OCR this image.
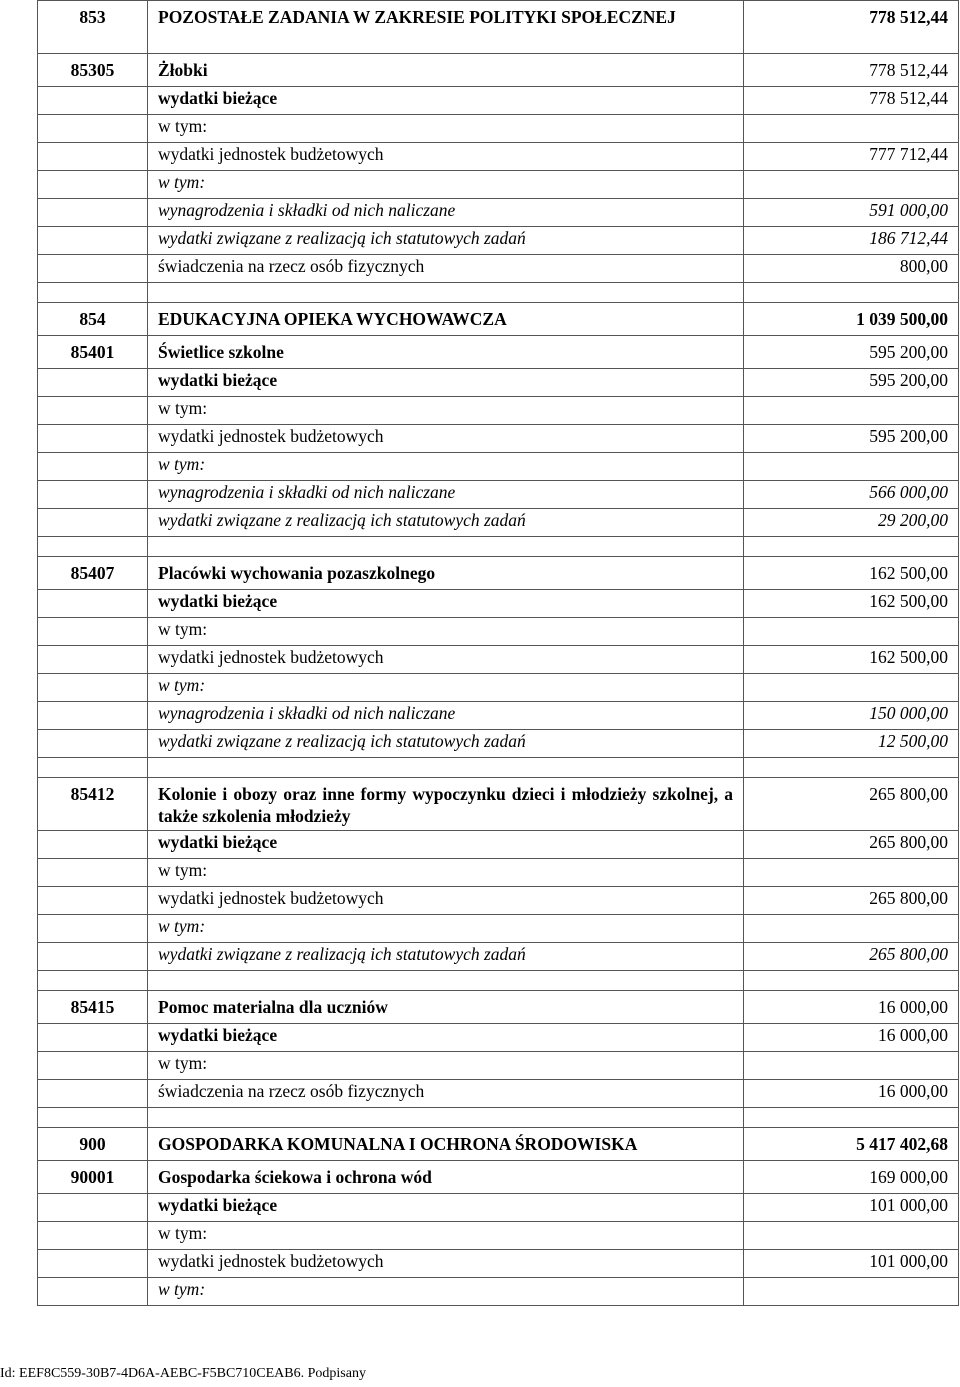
853	POZOSTAŁE ZADANIA W ZAKRESIE POLITYKI SPOŁECZNEJ	778 512,44
85305	Żłobki	778 512,44
	wydatki bieżące	778 512,44
	w tym:	
	wydatki jednostek budżetowych	777 712,44
	w tym:	
	wynagrodzenia i składki od nich naliczane	591 000,00
	wydatki związane z realizacją ich statutowych zadań	186 712,44
	świadczenia na rzecz osób fizycznych	800,00

854	EDUKACYJNA OPIEKA WYCHOWAWCZA	1 039 500,00
85401	Świetlice szkolne	595 200,00
	wydatki bieżące	595 200,00
	w tym:	
	wydatki jednostek budżetowych	595 200,00
	w tym:	
	wynagrodzenia i składki od nich naliczane	566 000,00
	wydatki związane z realizacją ich statutowych zadań	29 200,00

85407	Placówki wychowania pozaszkolnego	162 500,00
	wydatki bieżące	162 500,00
	w tym:	
	wydatki jednostek budżetowych	162 500,00
	w tym:	
	wynagrodzenia i składki od nich naliczane	150 000,00
	wydatki związane z realizacją ich statutowych zadań	12 500,00

85412	Kolonie i obozy oraz inne formy wypoczynku dzieci i młodzieży szkolnej, a także szkolenia młodzieży	265 800,00
	wydatki bieżące	265 800,00
	w tym:	
	wydatki jednostek budżetowych	265 800,00
	w tym:	
	wydatki związane z realizacją ich statutowych zadań	265 800,00

85415	Pomoc materialna dla uczniów	16 000,00
	wydatki bieżące	16 000,00
	w tym:	
	świadczenia na rzecz osób fizycznych	16 000,00

900	GOSPODARKA KOMUNALNA I OCHRONA ŚRODOWISKA	5 417 402,68
90001	Gospodarka ściekowa i ochrona wód	169 000,00
	wydatki bieżące	101 000,00
	w tym:	
	wydatki jednostek budżetowych	101 000,00
	w tym:	
Id: EEF8C559-30B7-4D6A-AEBC-F5BC710CEAB6. Podpisany
